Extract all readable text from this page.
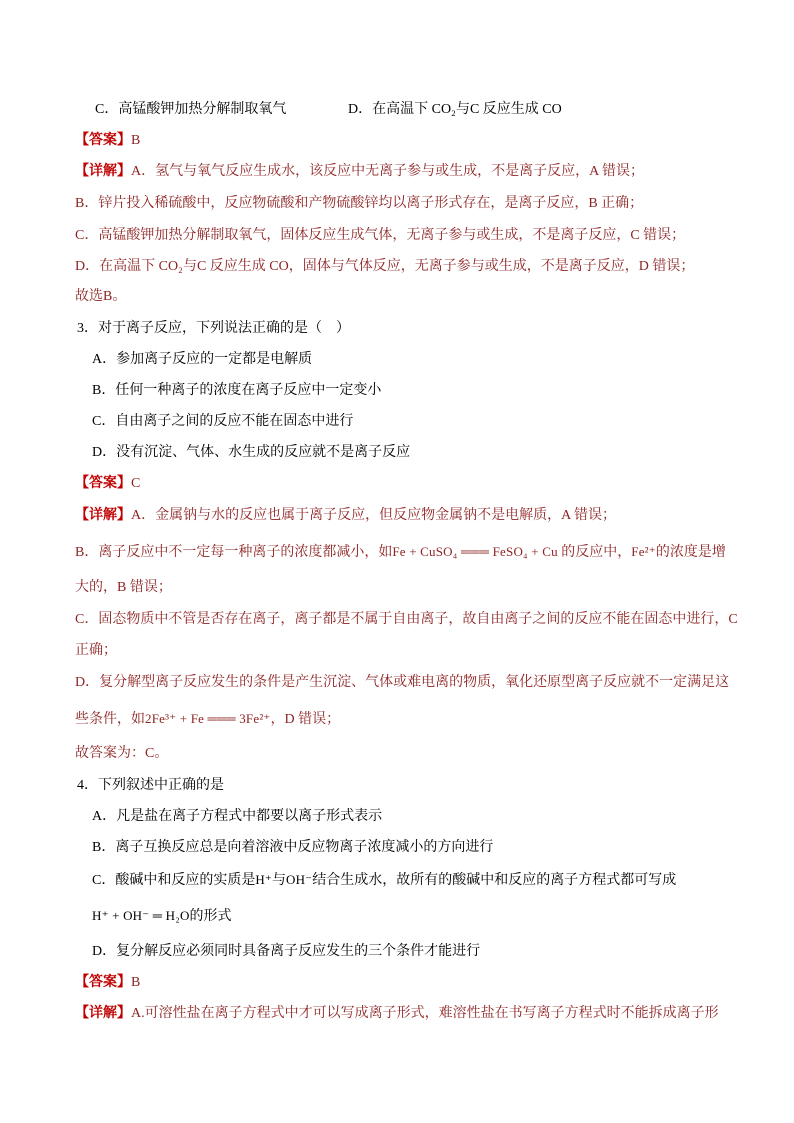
C．高锰酸钾加热分解制取氧气	D．在高温下 CO₂与C 反应生成 CO
【答案】B
【详解】A．氢气与氧气反应生成水，该反应中无离子参与或生成，不是离子反应，A 错误；
B．锌片投入稀硫酸中，反应物硫酸和产物硫酸锌均以离子形式存在，是离子反应，B 正确；
C．高锰酸钾加热分解制取氧气，固体反应生成气体，无离子参与或生成，不是离子反应，C 错误；
D．在高温下 CO₂与C 反应生成 CO，固体与气体反应，无离子参与或生成，不是离子反应，D 错误；
故选B。
3．对于离子反应，下列说法正确的是（　）
A．参加离子反应的一定都是电解质
B．任何一种离子的浓度在离子反应中一定变小
C．自由离子之间的反应不能在固态中进行
D．没有沉淀、气体、水生成的反应就不是离子反应
【答案】C
【详解】A．金属钠与水的反应也属于离子反应，但反应物金属钠不是电解质，A 错误；
B．离子反应中不一定每一种离子的浓度都减小，如Fe + CuSO₄ ═══ FeSO₄ + Cu 的反应中，Fe²⁺的浓度是增
大的，B 错误；
C．固态物质中不管是否存在离子，离子都是不属于自由离子，故自由离子之间的反应不能在固态中进行，C
正确；
D．复分解型离子反应发生的条件是产生沉淀、气体或难电离的物质，氧化还原型离子反应就不一定满足这
些条件，如2Fe³⁺ + Fe ═══ 3Fe²⁺，D 错误；
故答案为：C。
4．下列叙述中正确的是
A．凡是盐在离子方程式中都要以离子形式表示
B．离子互换反应总是向着溶液中反应物离子浓度减小的方向进行
C．酸碱中和反应的实质是H⁺与OH⁻结合生成水，故所有的酸碱中和反应的离子方程式都可写成
H⁺ + OH⁻ ═ H₂O的形式
D．复分解反应必须同时具备离子反应发生的三个条件才能进行
【答案】B
【详解】A.可溶性盐在离子方程式中才可以写成离子形式，难溶性盐在书写离子方程式时不能拆成离子形
